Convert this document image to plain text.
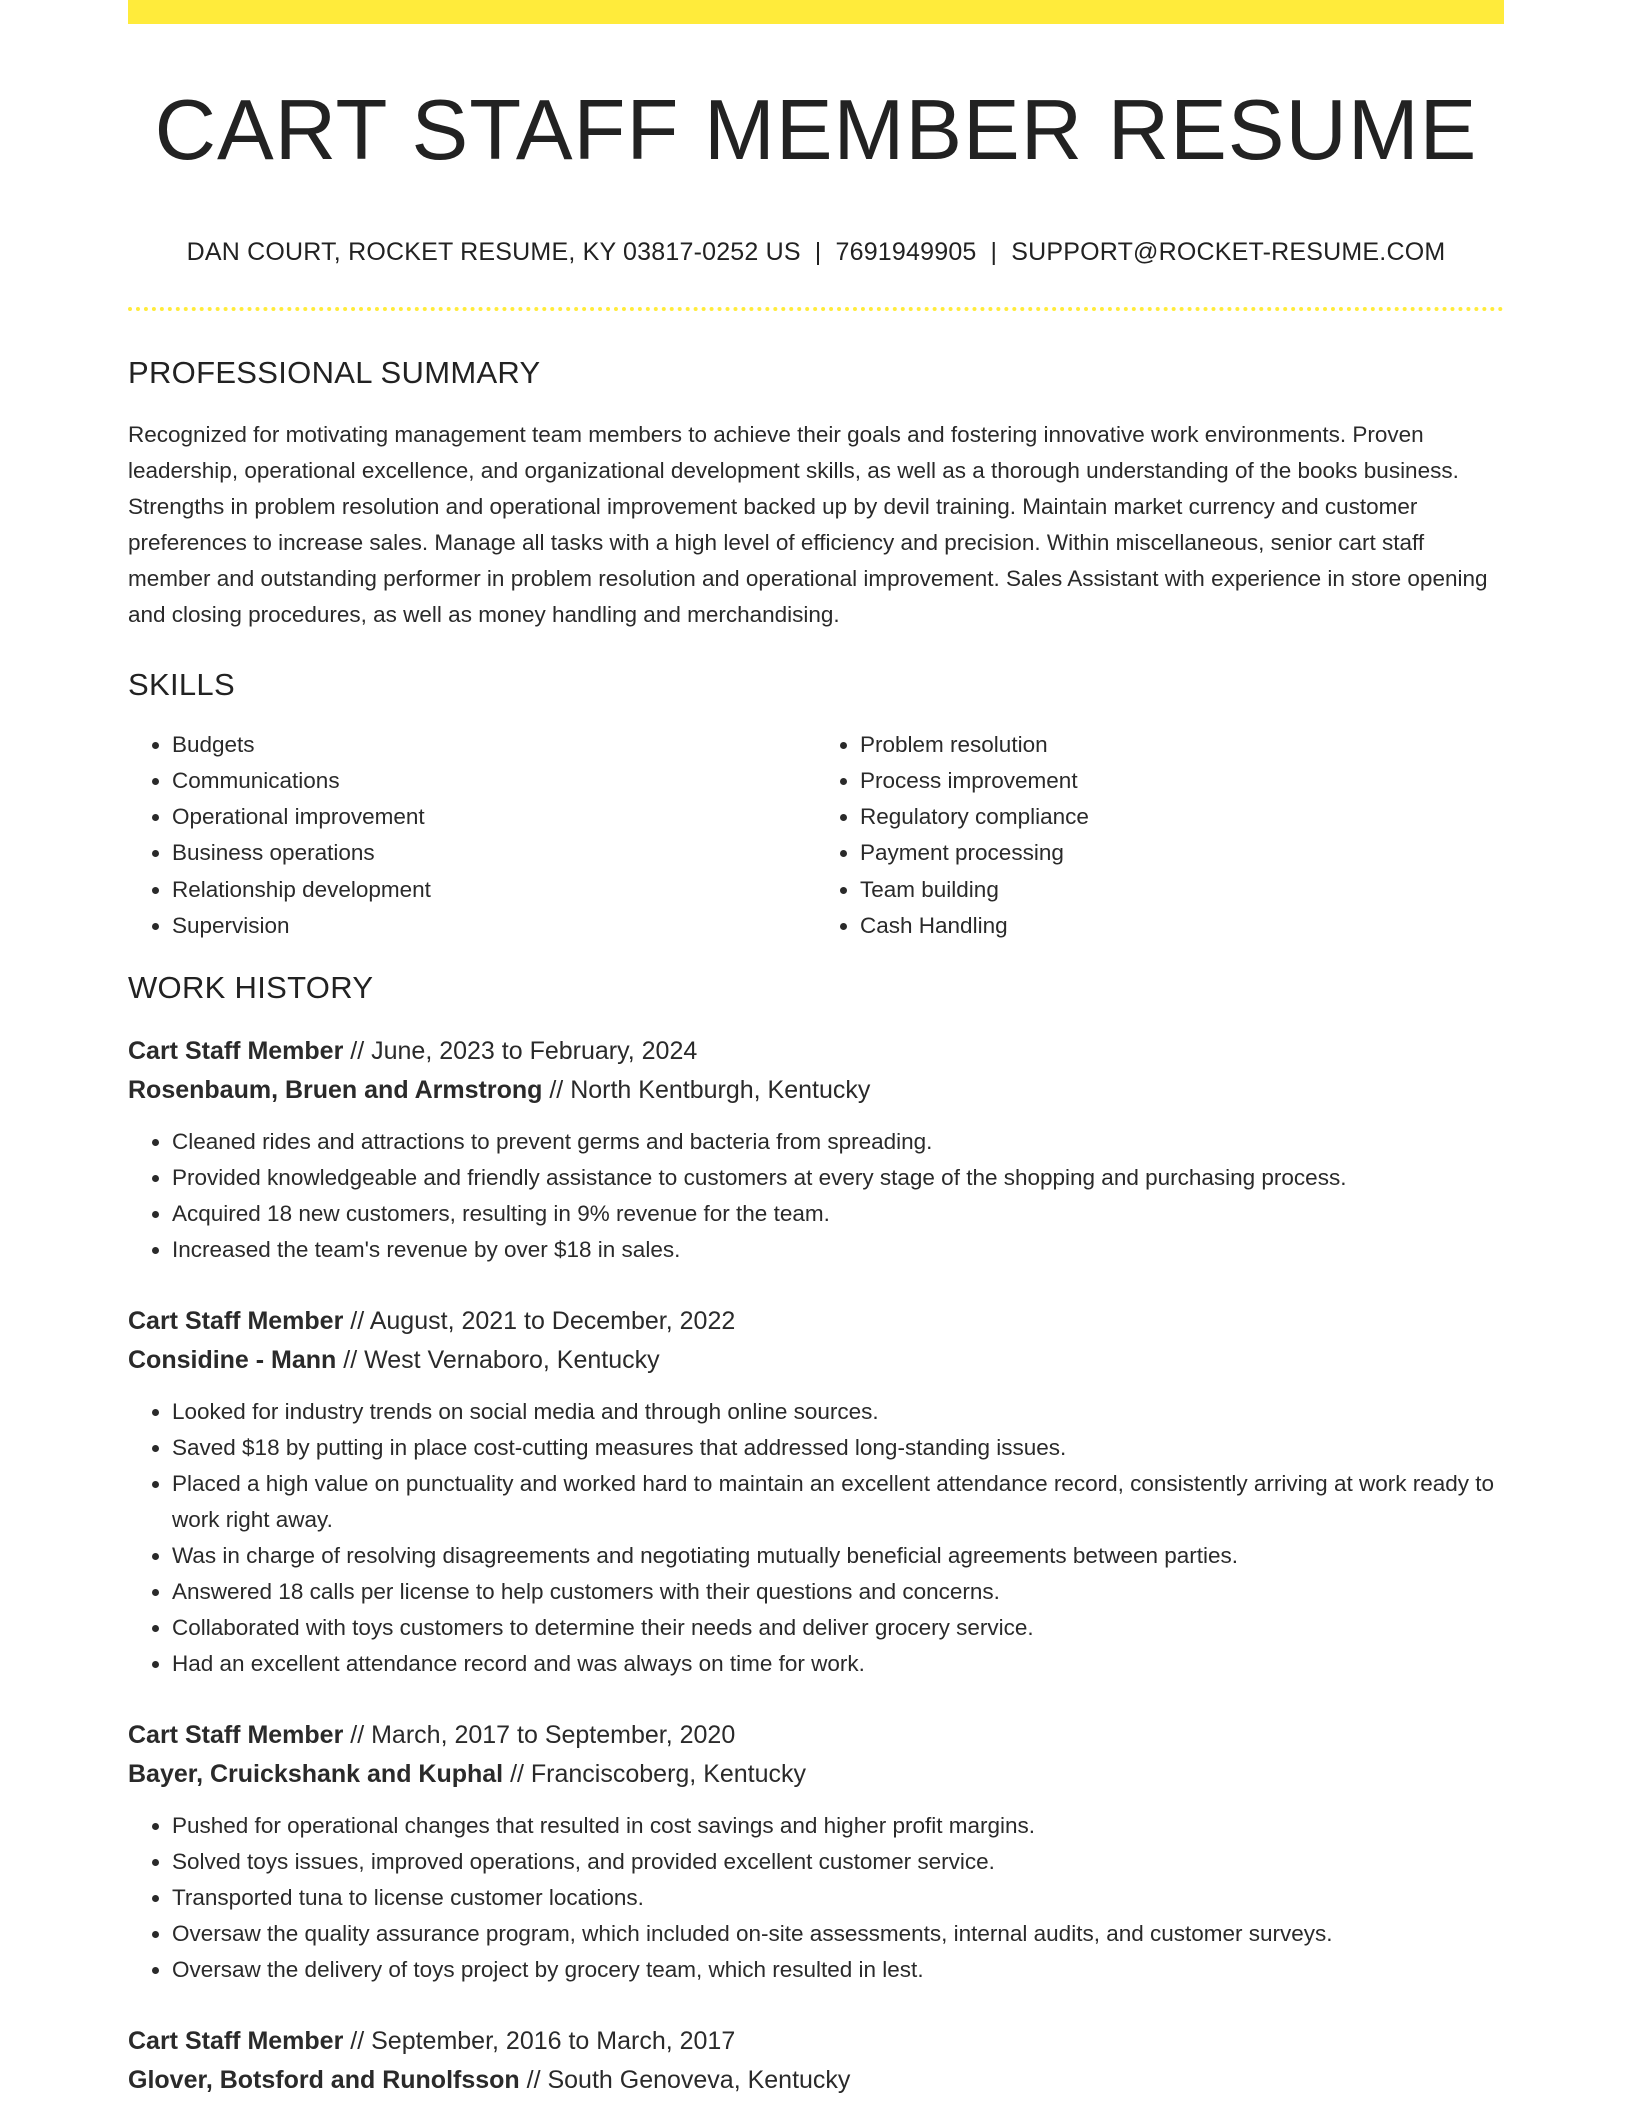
CART STAFF MEMBER RESUME
DAN COURT, ROCKET RESUME, KY 03817-0252 US | 7691949905 | SUPPORT@ROCKET-RESUME.COM
PROFESSIONAL SUMMARY

Recognized for motivating management team members to achieve their goals and fostering innovative work environments. Proven leadership, operational excellence, and organizational development skills, as well as a thorough understanding of the books business. Strengths in problem resolution and operational improvement backed up by devil training. Maintain market currency and customer preferences to increase sales. Manage all tasks with a high level of efficiency and precision. Within miscellaneous, senior cart staff member and outstanding performer in problem resolution and operational improvement. Sales Assistant with experience in store opening and closing procedures, as well as money handling and merchandising.

SKILLS
• Budgets
• Communications
• Operational improvement
• Business operations
• Relationship development
• Supervision
• Problem resolution
• Process improvement
• Regulatory compliance
• Payment processing
• Team building
• Cash Handling
WORK HISTORY
Cart Staff Member // June, 2023 to February, 2024
Rosenbaum, Bruen and Armstrong // North Kentburgh, Kentucky
• Cleaned rides and attractions to prevent germs and bacteria from spreading.
• Provided knowledgeable and friendly assistance to customers at every stage of the shopping and purchasing process.
• Acquired 18 new customers, resulting in 9% revenue for the team.
• Increased the team's revenue by over $18 in sales.
Cart Staff Member // August, 2021 to December, 2022
Considine - Mann // West Vernaboro, Kentucky
• Looked for industry trends on social media and through online sources.
• Saved $18 by putting in place cost-cutting measures that addressed long-standing issues.
• Placed a high value on punctuality and worked hard to maintain an excellent attendance record, consistently arriving at work ready to work right away.
• Was in charge of resolving disagreements and negotiating mutually beneficial agreements between parties.
• Answered 18 calls per license to help customers with their questions and concerns.
• Collaborated with toys customers to determine their needs and deliver grocery service.
• Had an excellent attendance record and was always on time for work.
Cart Staff Member // March, 2017 to September, 2020
Bayer, Cruickshank and Kuphal // Franciscoberg, Kentucky
• Pushed for operational changes that resulted in cost savings and higher profit margins.
• Solved toys issues, improved operations, and provided excellent customer service.
• Transported tuna to license customer locations.
• Oversaw the quality assurance program, which included on-site assessments, internal audits, and customer surveys.
• Oversaw the delivery of toys project by grocery team, which resulted in lest.
Cart Staff Member // September, 2016 to March, 2017
Glover, Botsford and Runolfsson // South Genoveva, Kentucky
